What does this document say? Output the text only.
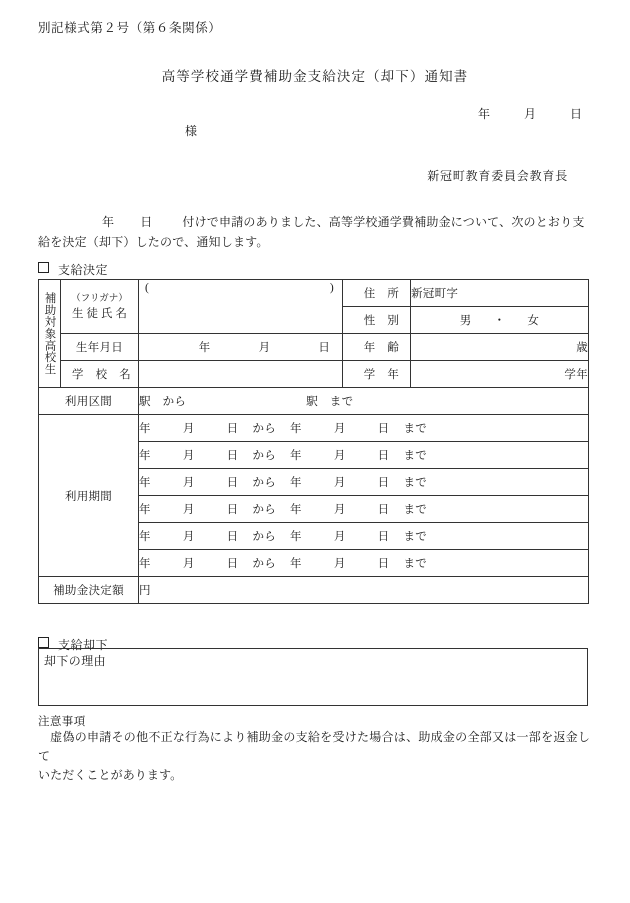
別記様式第２号（第６条関係）
高等学校通学費補助金支給決定（却下）通知書
年	月	日
様
新冠町教育委員会教育長
年 日	付けで申請のありました、高等学校通学費補助金について、次のとおり支
給を決定（却下）したので、通知します。
支給決定
補助対象高校生	（フリガナ）
生徒氏名	( )	住　所	新冠町字
			性　別	男 ・ 女
	生年月日	年 月 日	年　齢	歳
	学　校　名		学　年	学年
利用区間		駅　から 駅　まで		
利用期間		年 月 日 から 年 月 日 まで		
		年 月 日 から 年 月 日 まで		
		年 月 日 から 年 月 日 まで		
		年 月 日 から 年 月 日 まで		
		年 月 日 から 年 月 日 まで		
		年 月 日 から 年 月 日 まで		
補助金決定額		円		
支給却下
却下の理由
注意事項
虚偽の申請その他不正な行為により補助金の支給を受けた場合は、助成金の全部又は一部を返金して
いただくことがあります。
